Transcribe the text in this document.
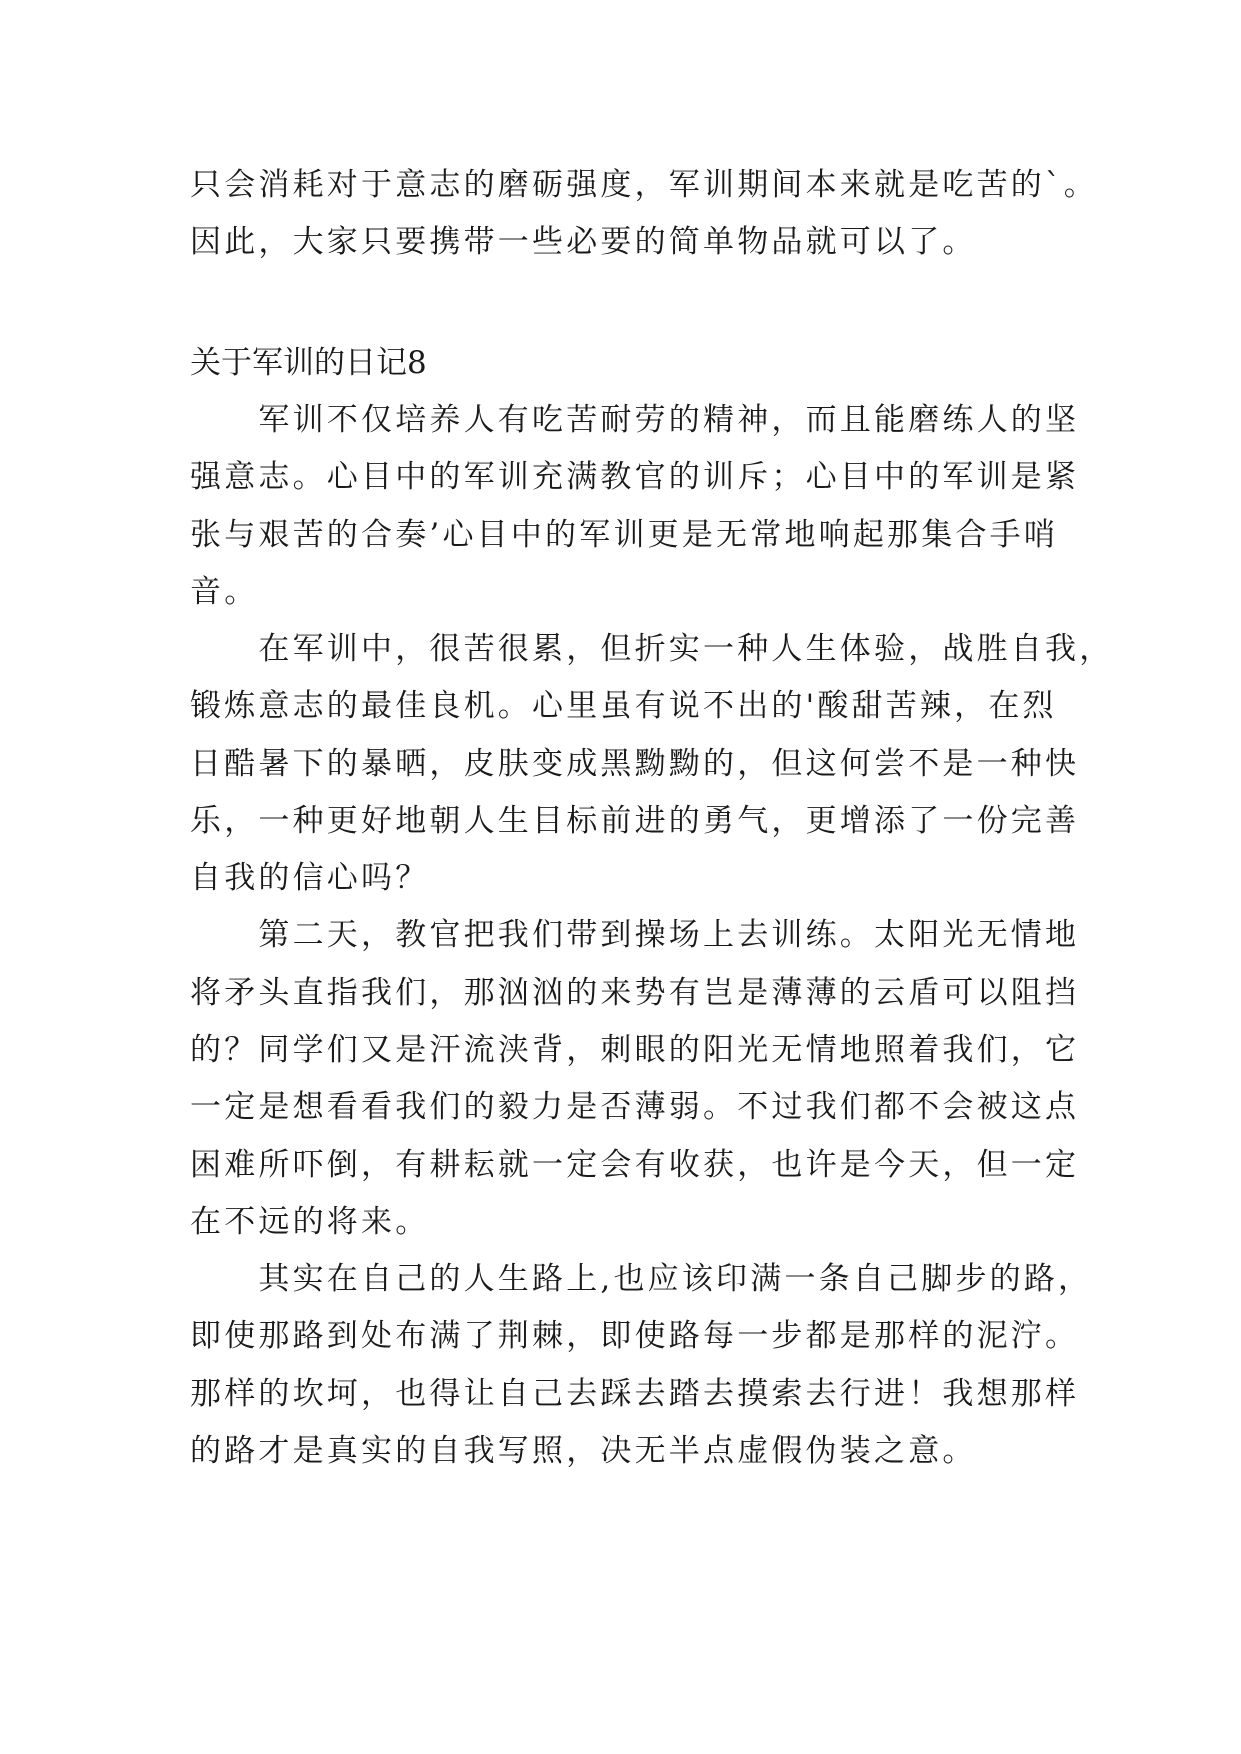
只会消耗对于意志的磨砺强度，军训期间本来就是吃苦的`。
因此，大家只要携带一些必要的简单物品就可以了。
关于军训的日记8
　　军训不仅培养人有吃苦耐劳的精神，而且能磨练人的坚
强意志。心目中的军训充满教官的训斥；心目中的军训是紧
张与艰苦的合奏’心目中的军训更是无常地响起那集合手哨
音。
　　在军训中，很苦很累，但折实一种人生体验，战胜自我，
锻炼意志的最佳良机。心里虽有说不出的'酸甜苦辣，在烈
日酷暑下的暴晒，皮肤变成黑黝黝的，但这何尝不是一种快
乐，一种更好地朝人生目标前进的勇气，更增添了一份完善
自我的信心吗？
　　第二天，教官把我们带到操场上去训练。太阳光无情地
将矛头直指我们，那汹汹的来势有岂是薄薄的云盾可以阻挡
的？同学们又是汗流浃背，刺眼的阳光无情地照着我们，它
一定是想看看我们的毅力是否薄弱。不过我们都不会被这点
困难所吓倒，有耕耘就一定会有收获，也许是今天，但一定
在不远的将来。
　　其实在自己的人生路上,也应该印满一条自己脚步的路，
即使那路到处布满了荆棘，即使路每一步都是那样的泥泞。
那样的坎坷，也得让自己去踩去踏去摸索去行进！我想那样
的路才是真实的自我写照，决无半点虚假伪装之意。
